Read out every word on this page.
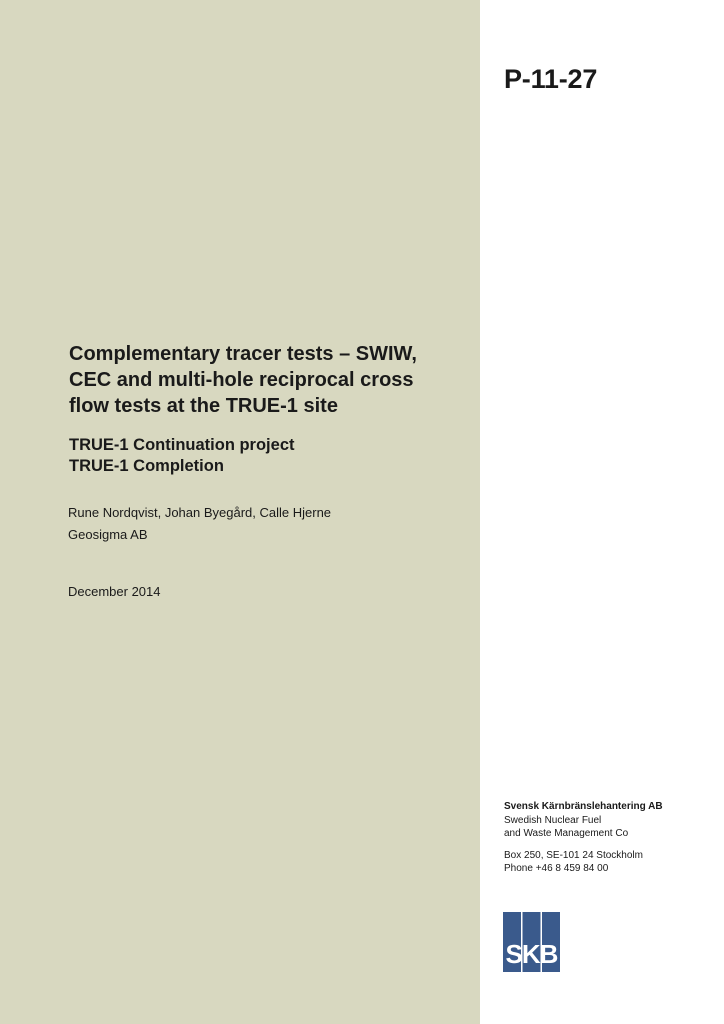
P-11-27
Complementary tracer tests – SWIW,
CEC and multi-hole reciprocal cross
flow tests at the TRUE-1 site
TRUE-1 Continuation project
TRUE-1 Completion
Rune Nordqvist, Johan Byegård, Calle Hjerne
Geosigma AB
December 2014
Svensk Kärnbränslehantering AB
Swedish Nuclear Fuel
and Waste Management Co
Box 250, SE-101 24 Stockholm
Phone +46 8 459 84 00
SKB
